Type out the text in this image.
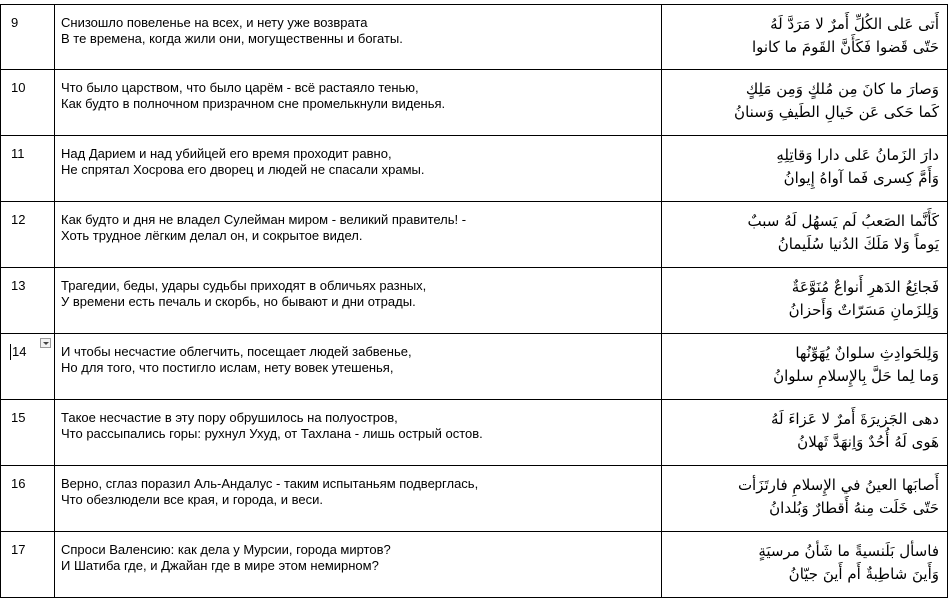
9	Снизошло повеленье на всех, и нету уже возврата
В те времена, когда жили они, могущественны и богаты.
أَتى عَلى الكُلِّ أَمرٌ لا مَرَدَّ لَهُ
حَتّى قَضوا فَكَأَنَّ القَومَ ما كانوا
10	Что было царством, что было царём - всё растаяло тенью,
Как будто в полночном призрачном сне промелькнули виденья.
وَصارَ ما كانَ مِن مُلكٍ وَمِن مَلِكٍ
كَما حَكى عَن خَيالِ الطَيفِ وَسنانُ
11	Над Дарием и над убийцей его время проходит равно,
Не спрятал Хосрова его дворец и людей не спасали храмы.
دارَ الزَمانُ عَلى دارا وَقاتِلِهِ
وَأَمَّ كِسرى فَما آواهُ إِيوانُ
12	Как будто и дня не владел Сулейман миром - великий правитель! -
Хоть трудное лёгким делал он, и сокрытое видел.
كَأَنَّما الصَعبُ لَم يَسهُل لَهُ سببٌ
يَوماً وَلا مَلَكَ الدُنيا سُلَيمانُ
13	Трагедии, беды, удары судьбы приходят в обличьях разных,
У времени есть печаль и скорбь, но бывают и дни отрады.
فَجائِعُ الدَهرِ أَنواعٌ مُنَوَّعَةٌ
وَلِلزَمانِ مَسَرّاتٌ وَأَحزانُ
14	И чтобы несчастие облегчить, посещает людей забвенье,
Но для того, что постигло ислам, нету вовек утешенья,
وَلِلحَوادِثِ سلوانٌ يُهَوِّنُها
وَما لِما حَلَّ بِالإِسلامِ سلوانُ
15	Такое несчастие в эту пору обрушилось на полуостров,
Что рассыпались горы: рухнул Ухуд, от Тахлана - лишь острый остов.
دهى الجَزيرَةَ أَمرٌ لا عَزاءَ لَهُ
هَوى لَهُ أُحُدٌ وَاِنهَدَّ ثَهلانُ
16	Верно, сглаз поразил Аль-Андалус - таким испытаньям подверглась,
Что обезлюдели все края, и города, и веси.
أَصابَها العينُ في الإِسلامِ فارتَزَأت
حَتّى خَلَت مِنهُ أَقطارٌ وَبُلدانُ
17	Спроси Валенсию: как дела у Мурсии, города миртов?
И Шатиба где, и Джайан где в мире этом немирном?
فاسأل بَلَنسيةً ما شَأنُ مرسيَةٍ
وَأَينَ شاطِبةٌ أَم أَينَ جيّانُ
